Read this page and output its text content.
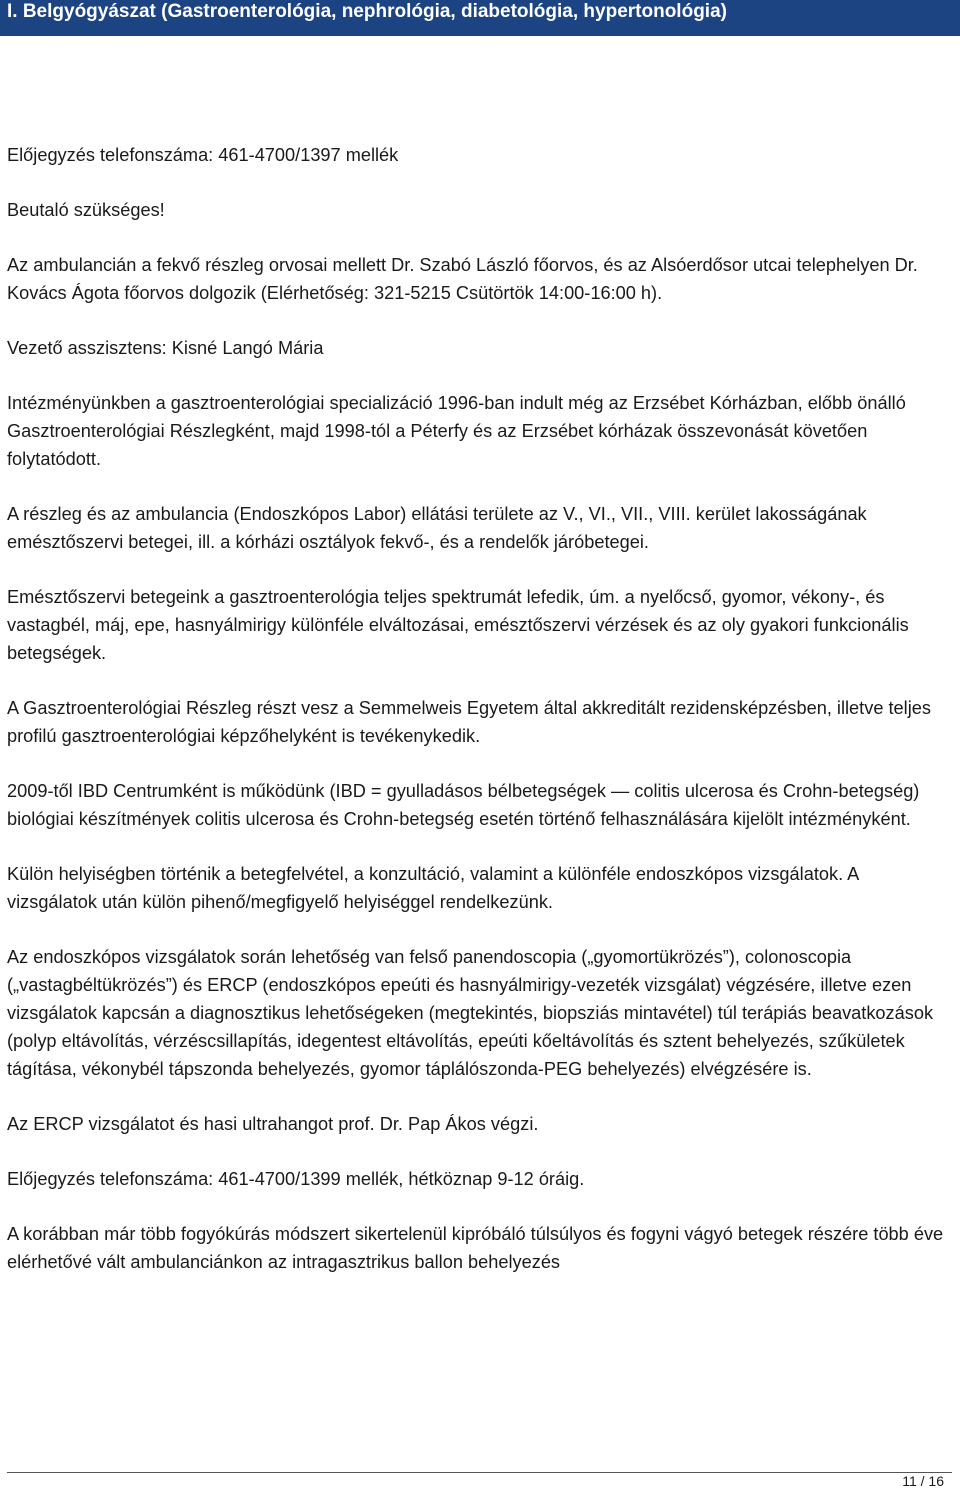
I. Belgyógyászat (Gastroenterológia, nephrológia, diabetológia, hypertonológia)

Előjegyzés telefonszáma: 461-4700/1397 mellék

Beutaló szükséges!

Az ambulancián a fekvő részleg orvosai mellett Dr. Szabó László főorvos, és az Alsóerdősor utcai telephelyen Dr. Kovács Ágota főorvos dolgozik (Elérhetőség: 321-5215 Csütörtök 14:00-16:00 h).

Vezető asszisztens: Kisné Langó Mária

Intézményünkben a gasztroenterológiai specializáció 1996-ban indult még az Erzsébet Kórházban, előbb önálló Gasztroenterológiai Részlegként, majd 1998-tól a Péterfy és az Erzsébet kórházak összevonását követően folytatódott.

A részleg és az ambulancia (Endoszkópos Labor) ellátási területe az V., VI., VII., VIII. kerület lakosságának emésztőszervi betegei, ill. a kórházi osztályok fekvő-, és a rendelők járóbetegei.

Emésztőszervi betegeink a gasztroenterológia teljes spektrumát lefedik, úm. a nyelőcső, gyomor, vékony-, és vastagbél, máj, epe, hasnyálmirigy különféle elváltozásai, emésztőszervi vérzések és az oly gyakori funkcionális betegségek.

A Gasztroenterológiai Részleg részt vesz a Semmelweis Egyetem által akkreditált rezidensképzésben, illetve teljes profilú gasztroenterológiai képzőhelyként is tevékenykedik.

2009-től IBD Centrumként is működünk (IBD = gyulladásos bélbetegségek — colitis ulcerosa és Crohn-betegség) biológiai készítmények colitis ulcerosa és Crohn-betegség esetén történő felhasználására kijelölt intézményként.

Külön helyiségben történik a betegfelvétel, a konzultáció, valamint a különféle endoszkópos vizsgálatok. A vizsgálatok után külön pihenő/megfigyelő helyiséggel rendelkezünk.

Az endoszkópos vizsgálatok során lehetőség van felső panendoscopia („gyomortükrözés”), colonoscopia („vastagbéltükrözés”) és ERCP (endoszkópos epeúti és hasnyálmirigy-vezeték vizsgálat) végzésére, illetve ezen vizsgálatok kapcsán a diagnosztikus lehetőségeken (megtekintés, biopsziás mintavétel) túl terápiás beavatkozások (polyp eltávolítás, vérzéscsillapítás, idegentest eltávolítás, epeúti kőeltávolítás és sztent behelyezés, szűkületek tágítása, vékonybél tápszonda behelyezés, gyomor táplálószonda-PEG behelyezés) elvégzésére is.

Az ERCP vizsgálatot és hasi ultrahangot prof. Dr. Pap Ákos végzi.

Előjegyzés telefonszáma: 461-4700/1399 mellék, hétköznap 9-12 óráig.

A korábban már több fogyókúrás módszert sikertelenül kipróbáló túlsúlyos és fogyni vágyó betegek részére több éve elérhetővé vált ambulanciánkon az intragasztrikus ballon behelyezés

11 / 16
